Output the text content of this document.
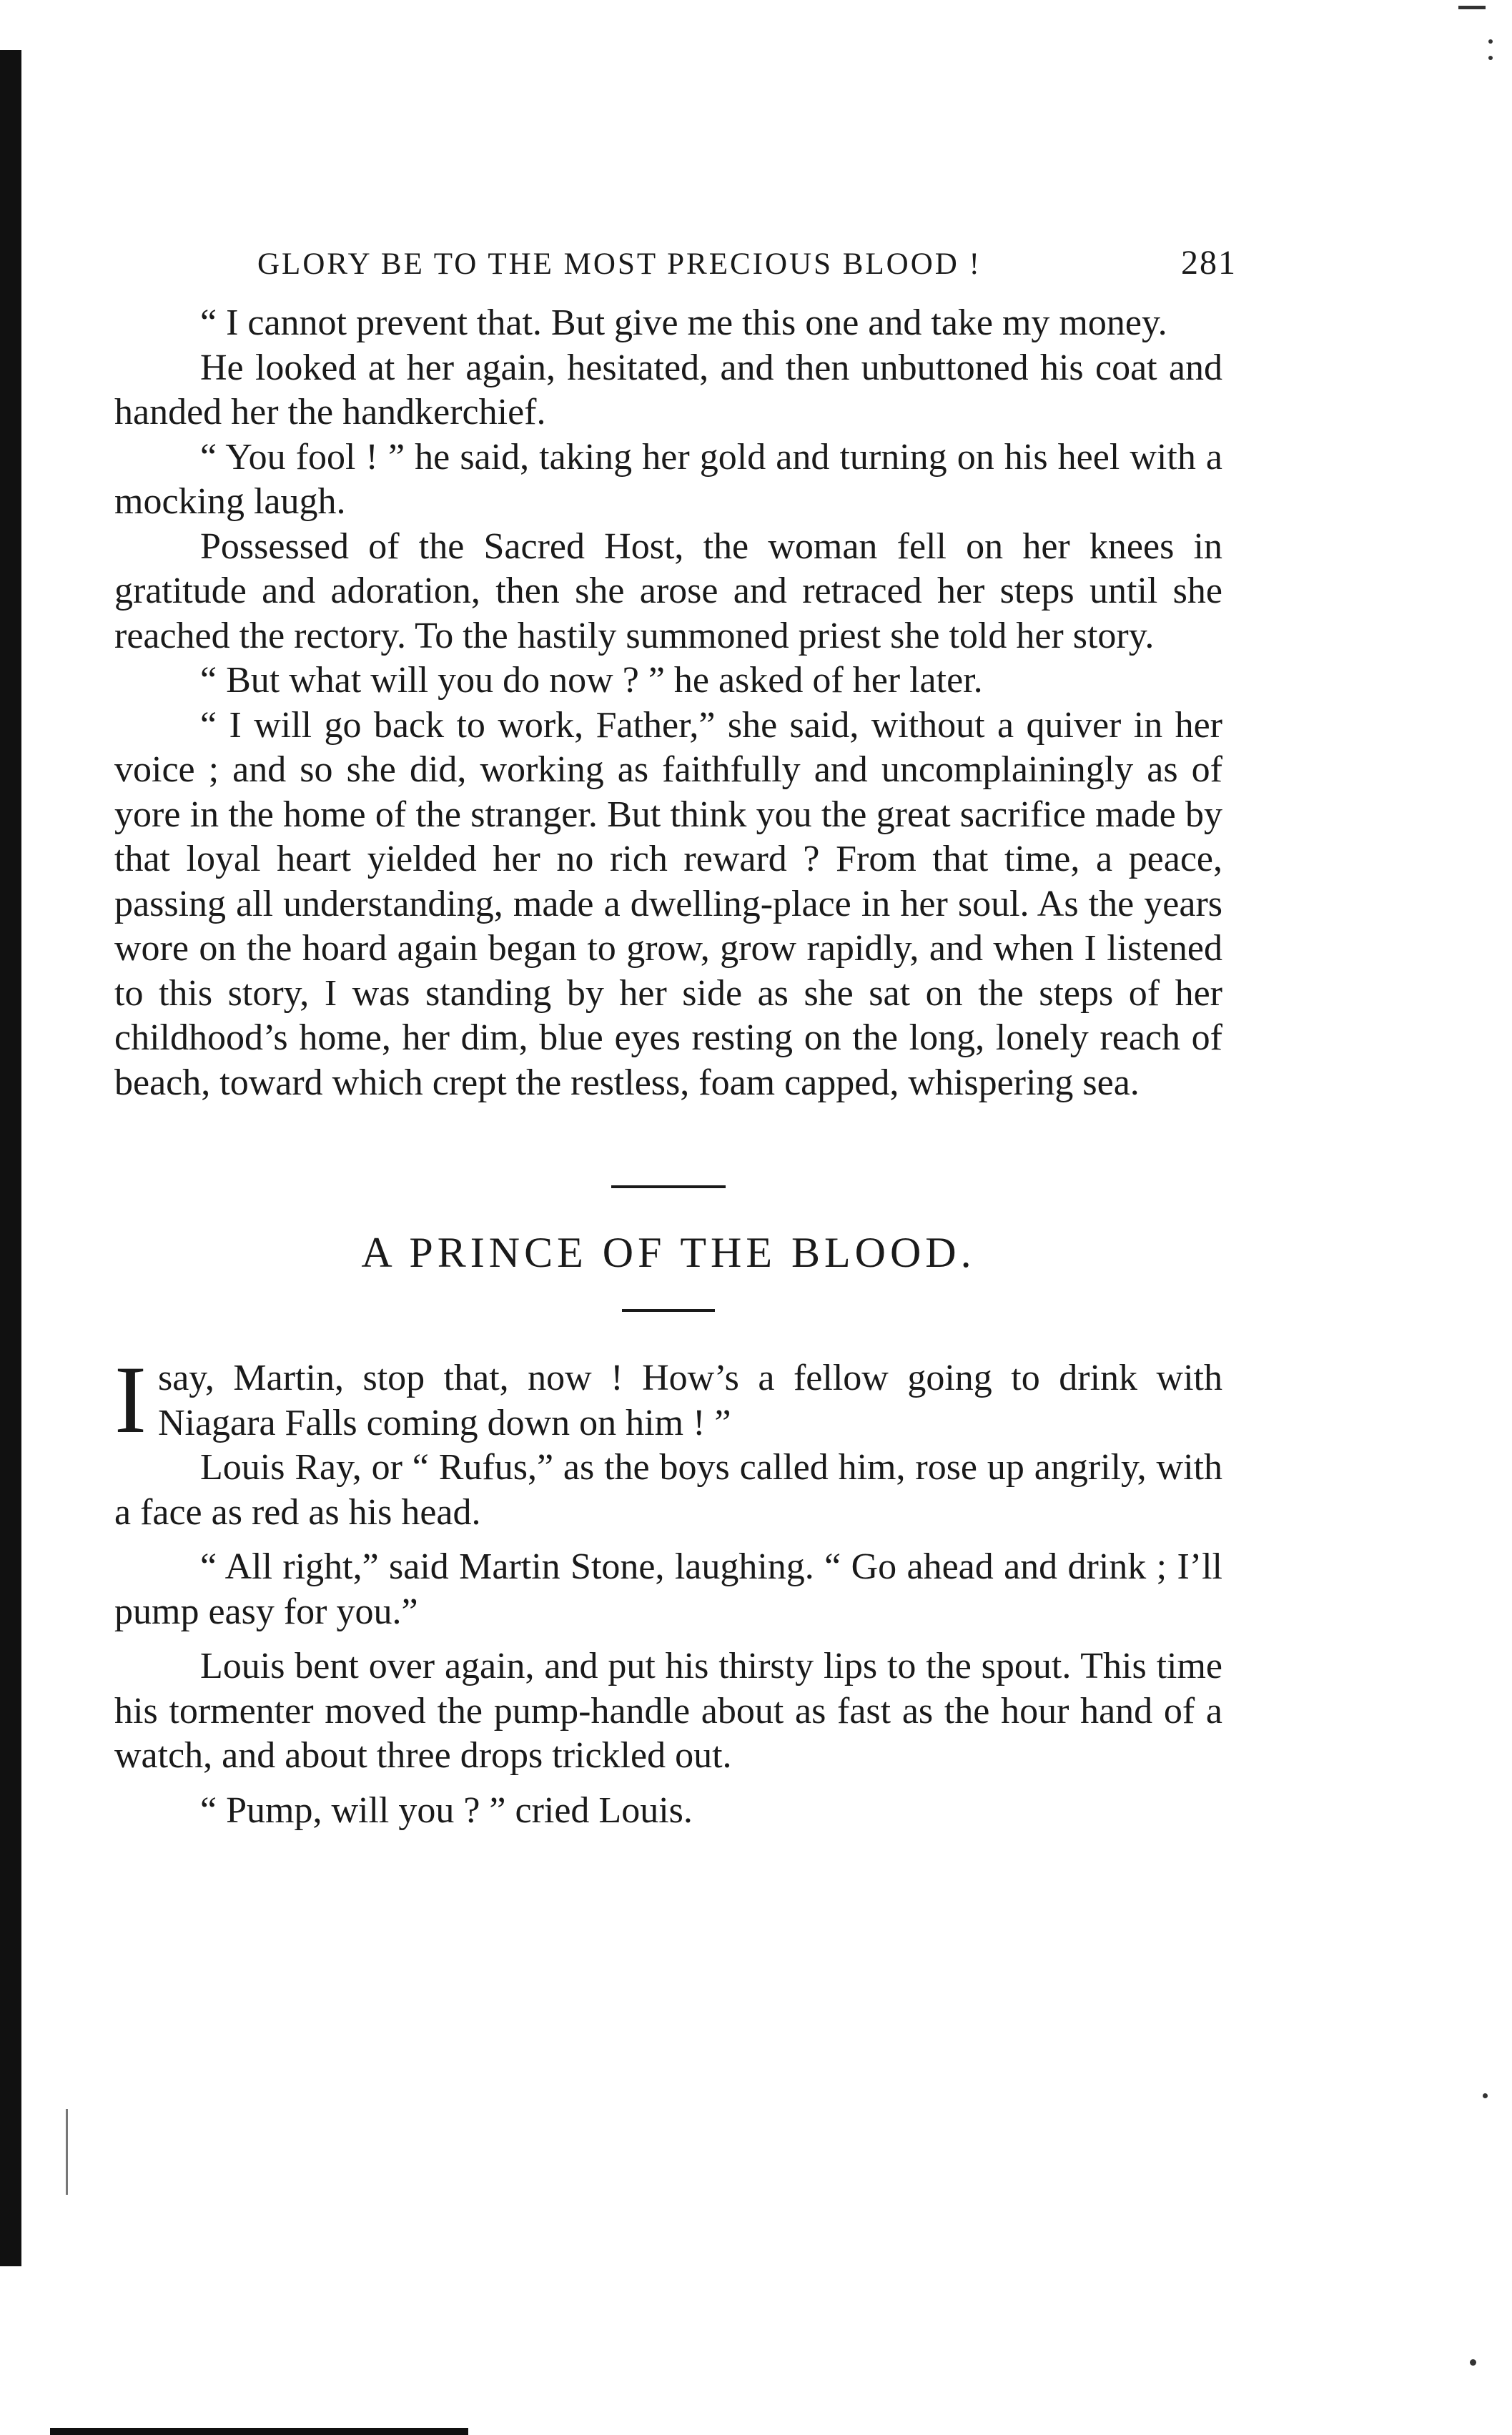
GLORY BE TO THE MOST PRECIOUS BLOOD !	281

“ I cannot prevent that. But give me this one and take my money.

He looked at her again, hesitated, and then unbuttoned his coat and handed her the handkerchief.

“ You fool ! ” he said, taking her gold and turning on his heel with a mocking laugh.

Possessed of the Sacred Host, the woman fell on her knees in gratitude and adoration, then she arose and retraced her steps until she reached the rectory. To the hastily summoned priest she told her story.

“ But what will you do now ? ” he asked of her later.

“ I will go back to work, Father,” she said, without a quiver in her voice ; and so she did, working as faithfully and uncomplainingly as of yore in the home of the stranger. But think you the great sacrifice made by that loyal heart yielded her no rich reward ? From that time, a peace, passing all understanding, made a dwelling-place in her soul. As the years wore on the hoard again began to grow, grow rapidly, and when I listened to this story, I was standing by her side as she sat on the steps of her childhood’s home, her dim, blue eyes resting on the long, lonely reach of beach, toward which crept the restless, foam capped, whispering sea.

A PRINCE OF THE BLOOD.

I say, Martin, stop that, now ! How’s a fellow going to drink with Niagara Falls coming down on him ! ”

Louis Ray, or “ Rufus,” as the boys called him, rose up angrily, with a face as red as his head.

“ All right,” said Martin Stone, laughing. “ Go ahead and drink ; I’ll pump easy for you.”

Louis bent over again, and put his thirsty lips to the spout. This time his tormenter moved the pump-handle about as fast as the hour hand of a watch, and about three drops trickled out.

“ Pump, will you ? ” cried Louis.
